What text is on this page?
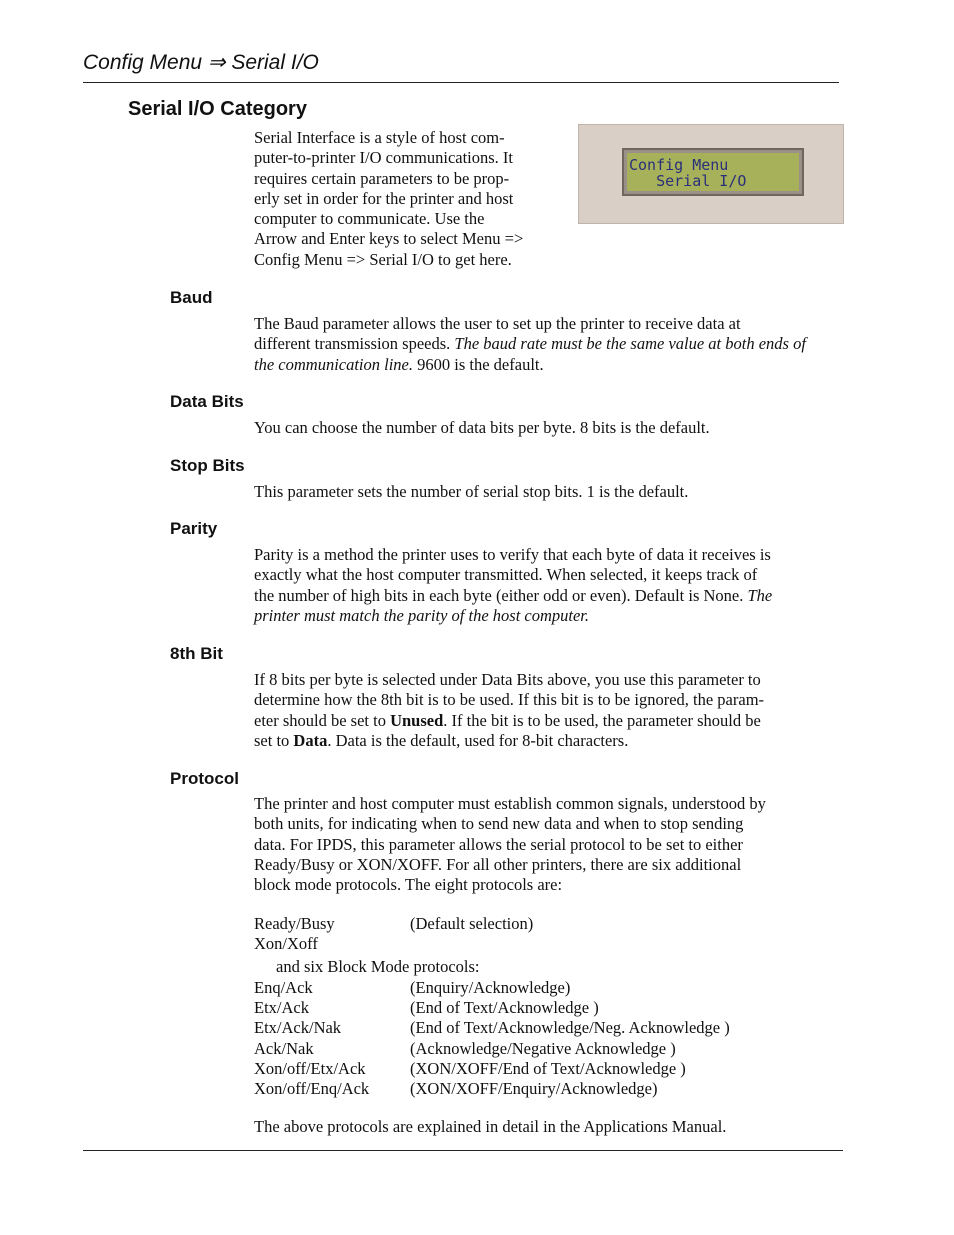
Config Menu ⇒ Serial I/O
Serial I/O Category

Serial Interface is a style of host com-

puter-to-printer I/O communications. It

requires certain parameters to be prop-

erly set in order for the printer and host

computer to communicate. Use the

Arrow and Enter keys to select Menu =>

Config Menu => Serial I/O to get here.

Config Menu
Serial I/O
Baud

The Baud parameter allows the user to set up the printer to receive data at

different transmission speeds. The baud rate must be the same value at both ends of

the communication line. 9600 is the default.

Data Bits
You can choose the number of data bits per byte. 8 bits is the default.
Stop Bits
This parameter sets the number of serial stop bits. 1 is the default.
Parity

Parity is a method the printer uses to verify that each byte of data it receives is

exactly what the host computer transmitted. When selected, it keeps track of

the number of high bits in each byte (either odd or even). Default is None. The

printer must match the parity of the host computer.

8th Bit

If 8 bits per byte is selected under Data Bits above, you use this parameter to

determine how the 8th bit is to be used. If this bit is to be ignored, the param-

eter should be set to Unused. If the bit is to be used, the parameter should be

set to Data. Data is the default, used for 8-bit characters.

Protocol

The printer and host computer must establish common signals, understood by

both units, for indicating when to send new data and when to stop sending

data. For IPDS, this parameter allows the serial protocol to be set to either

Ready/Busy or XON/XOFF. For all other printers, there are six additional

block mode protocols. The eight protocols are:

Ready/Busy	(Default selection)
Xon/Xoff
and six Block Mode protocols:
Enq/Ack	(Enquiry/Acknowledge)
Etx/Ack	(End of Text/Acknowledge )
Etx/Ack/Nak	(End of Text/Acknowledge/Neg. Acknowledge )
Ack/Nak	(Acknowledge/Negative Acknowledge )
Xon/off/Etx/Ack	(XON/XOFF/End of Text/Acknowledge )
Xon/off/Enq/Ack (XON/XOFF/Enquiry/Acknowledge)
The above protocols are explained in detail in the Applications Manual.
